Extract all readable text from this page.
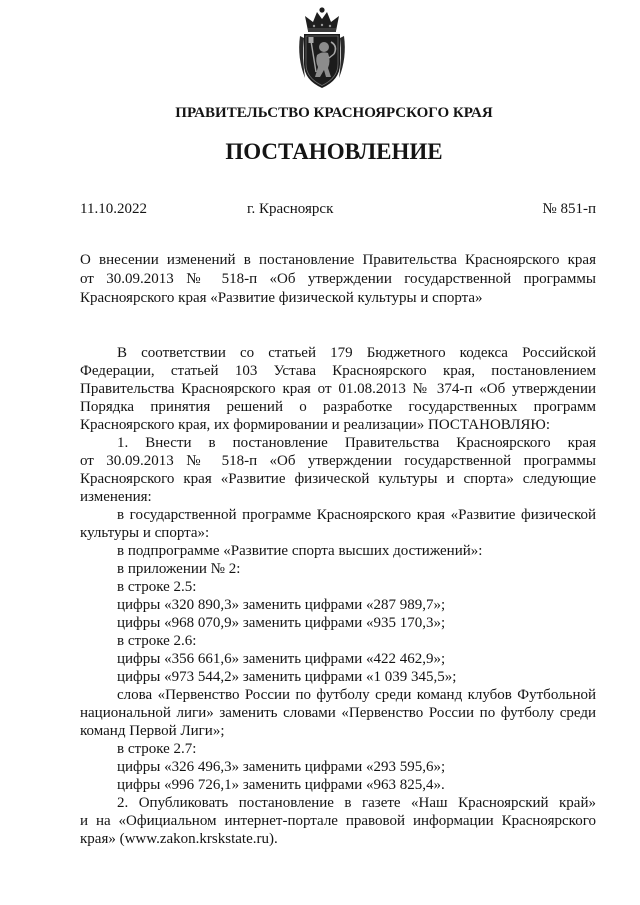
ПРАВИТЕЛЬСТВО КРАСНОЯРСКОГО КРАЯ
ПОСТАНОВЛЕНИЕ
11.10.2022	г. Красноярск	№ 851-п
О внесении изменений в постановление Правительства Красноярского края
от 30.09.2013 № 518-п «Об утверждении государственной программы
Красноярского края «Развитие физической культуры и спорта»
В соответствии со статьей 179 Бюджетного кодекса Российской
Федерации, статьей 103 Устава Красноярского края, постановлением
Правительства Красноярского края от 01.08.2013 № 374-п «Об утверждении
Порядка принятия решений о разработке государственных программ
Красноярского края, их формировании и реализации» ПОСТАНОВЛЯЮ:
1. Внести в постановление Правительства Красноярского края
от 30.09.2013 № 518-п «Об утверждении государственной программы
Красноярского края «Развитие физической культуры и спорта» следующие
изменения:
в государственной программе Красноярского края «Развитие физической
культуры и спорта»:
в подпрограмме «Развитие спорта высших достижений»:
в приложении № 2:
в строке 2.5:
цифры «320 890,3» заменить цифрами «287 989,7»;
цифры «968 070,9» заменить цифрами «935 170,3»;
в строке 2.6:
цифры «356 661,6» заменить цифрами «422 462,9»;
цифры «973 544,2» заменить цифрами «1 039 345,5»;
слова «Первенство России по футболу среди команд клубов Футбольной
национальной лиги» заменить словами «Первенство России по футболу среди
команд Первой Лиги»;
в строке 2.7:
цифры «326 496,3» заменить цифрами «293 595,6»;
цифры «996 726,1» заменить цифрами «963 825,4».
2. Опубликовать постановление в газете «Наш Красноярский край»
и на «Официальном интернет-портале правовой информации Красноярского
края» (www.zakon.krskstate.ru).
